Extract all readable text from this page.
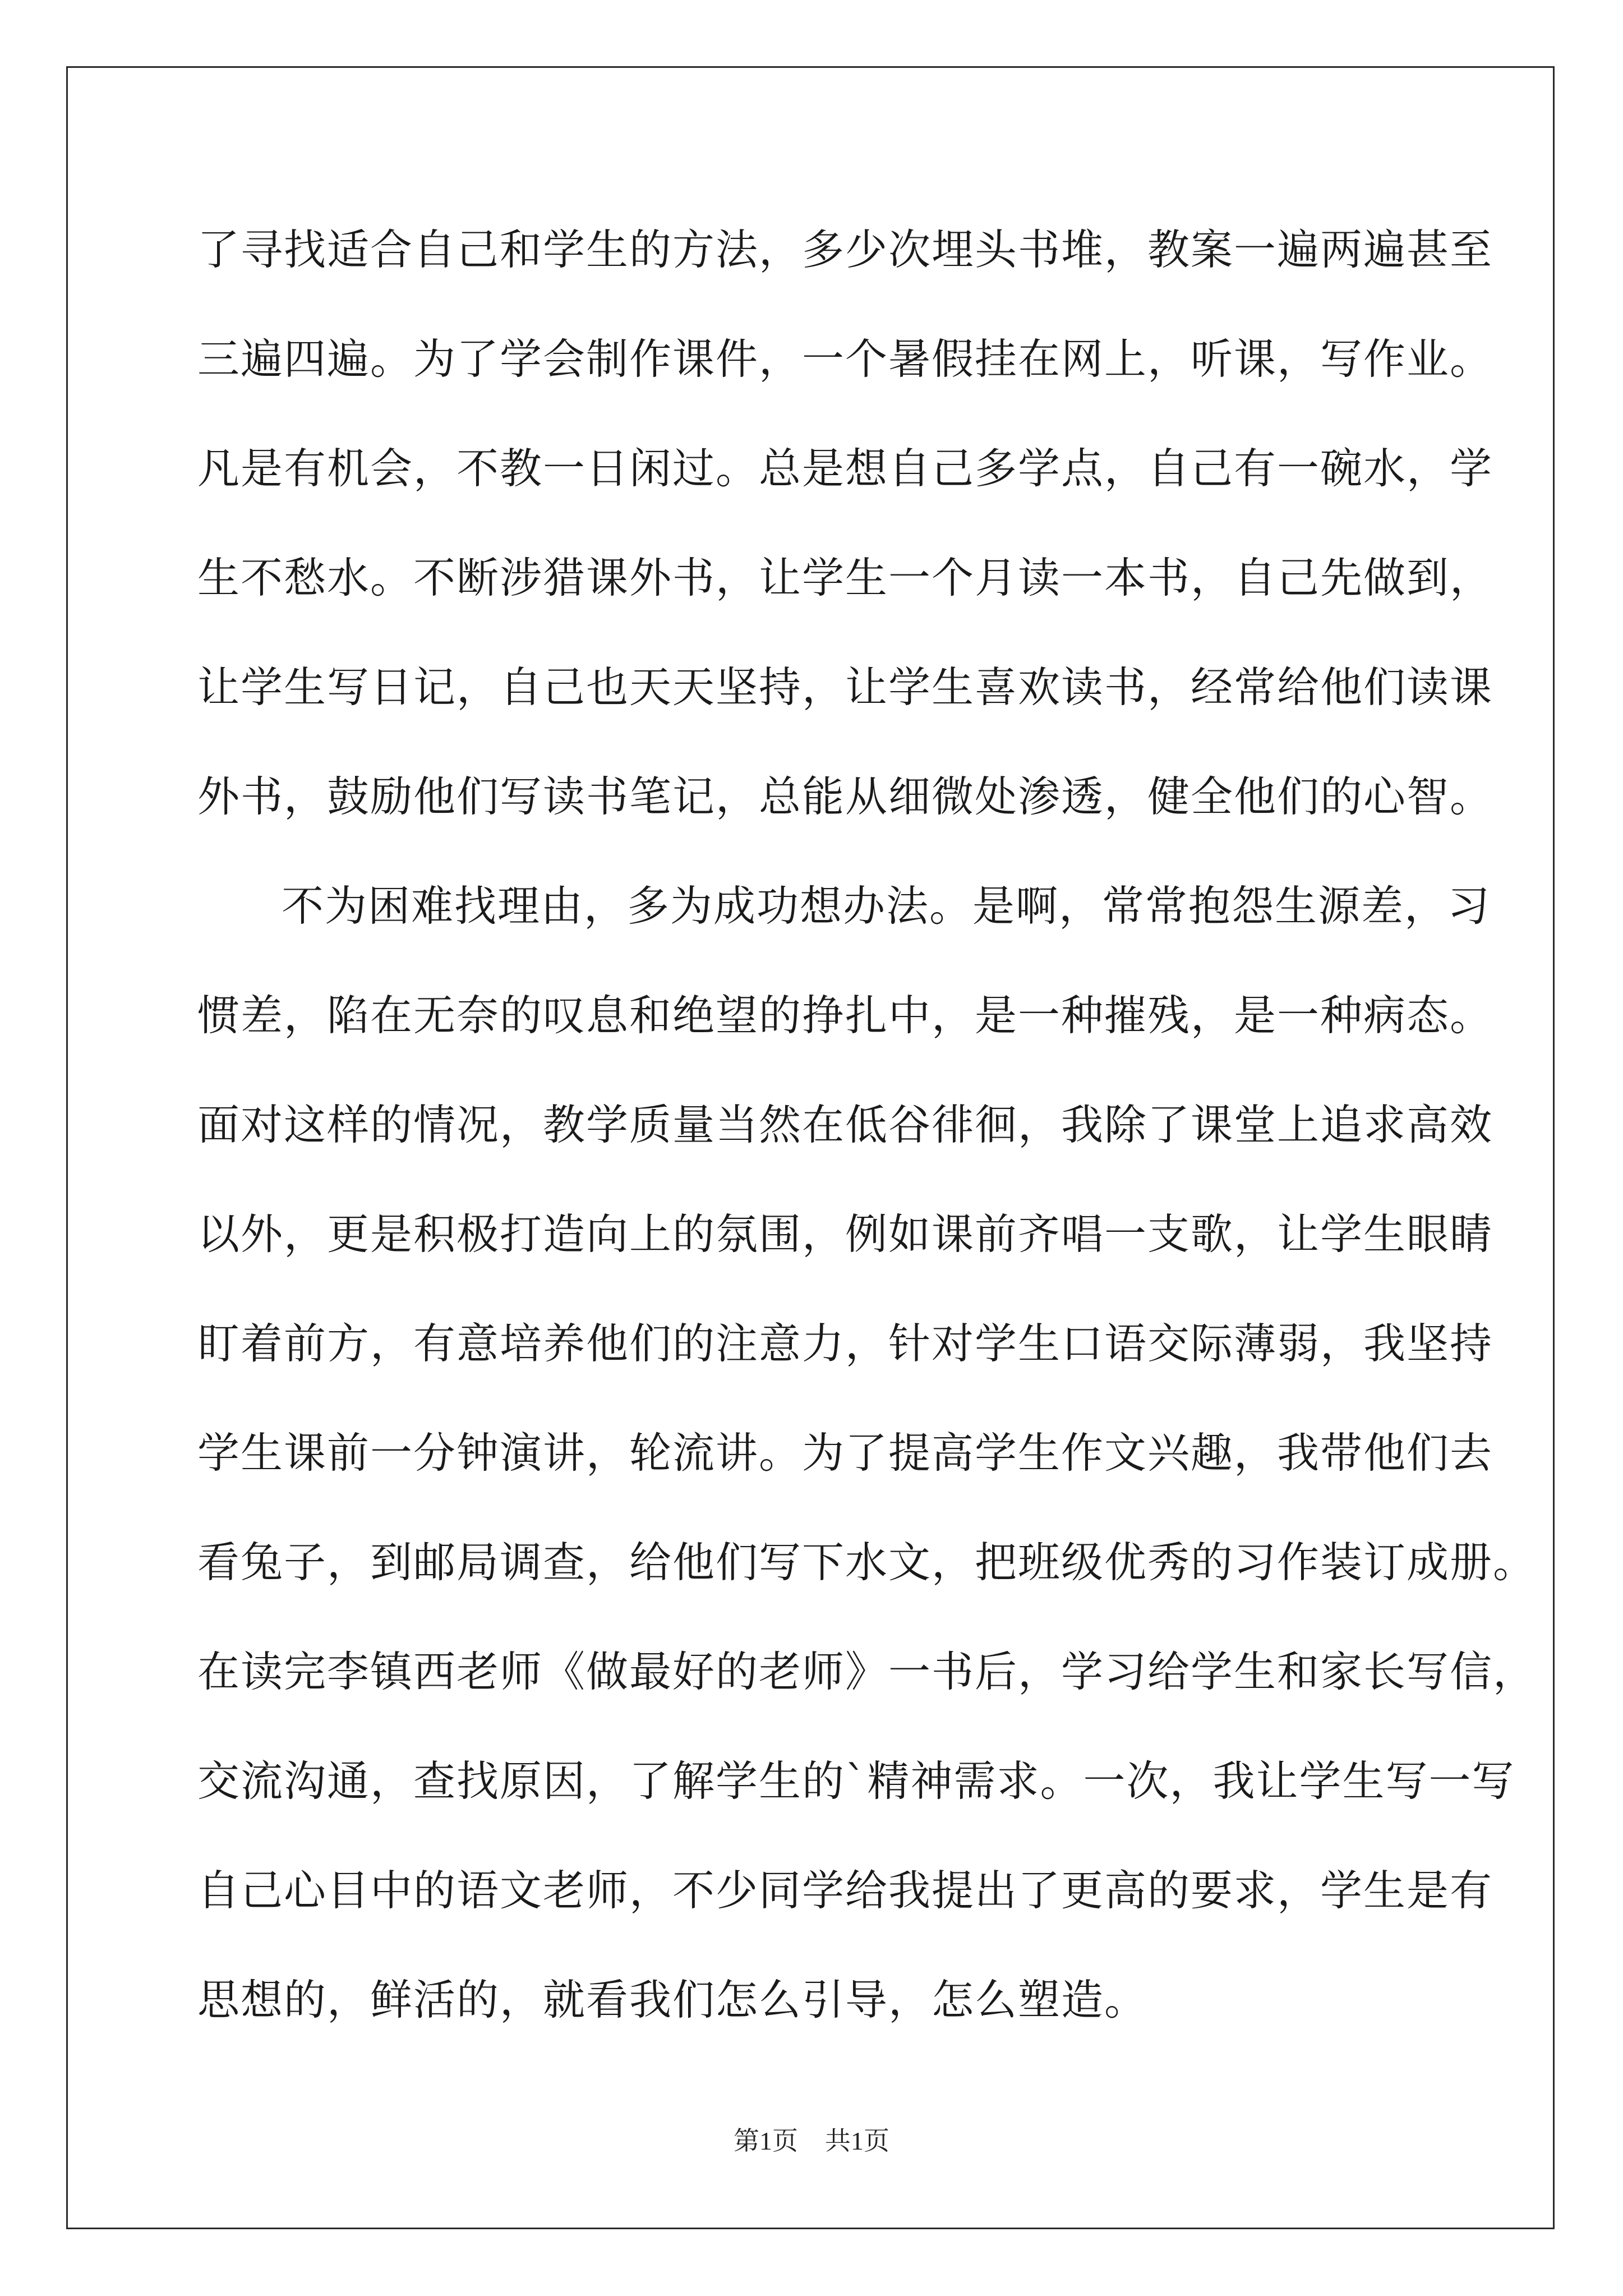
了寻找适合自己和学生的方法，多少次埋头书堆，教案一遍两遍甚至
三遍四遍。为了学会制作课件，一个暑假挂在网上，听课，写作业。
凡是有机会，不教一日闲过。总是想自己多学点，自己有一碗水，学
生不愁水。不断涉猎课外书，让学生一个月读一本书，自己先做到，
让学生写日记，自己也天天坚持，让学生喜欢读书，经常给他们读课
外书，鼓励他们写读书笔记，总能从细微处渗透，健全他们的心智。
不为困难找理由，多为成功想办法。是啊，常常抱怨生源差，习
惯差，陷在无奈的叹息和绝望的挣扎中，是一种摧残，是一种病态。
面对这样的情况，教学质量当然在低谷徘徊，我除了课堂上追求高效
以外，更是积极打造向上的氛围，例如课前齐唱一支歌，让学生眼睛
盯着前方，有意培养他们的注意力，针对学生口语交际薄弱，我坚持
学生课前一分钟演讲，轮流讲。为了提高学生作文兴趣，我带他们去
看兔子，到邮局调查，给他们写下水文，把班级优秀的习作装订成册。
在读完李镇西老师《做最好的老师》一书后，学习给学生和家长写信，
交流沟通，查找原因，了解学生的`精神需求。一次，我让学生写一写
自己心目中的语文老师，不少同学给我提出了更高的要求，学生是有
思想的，鲜活的，就看我们怎么引导，怎么塑造。
第1页 共1页
